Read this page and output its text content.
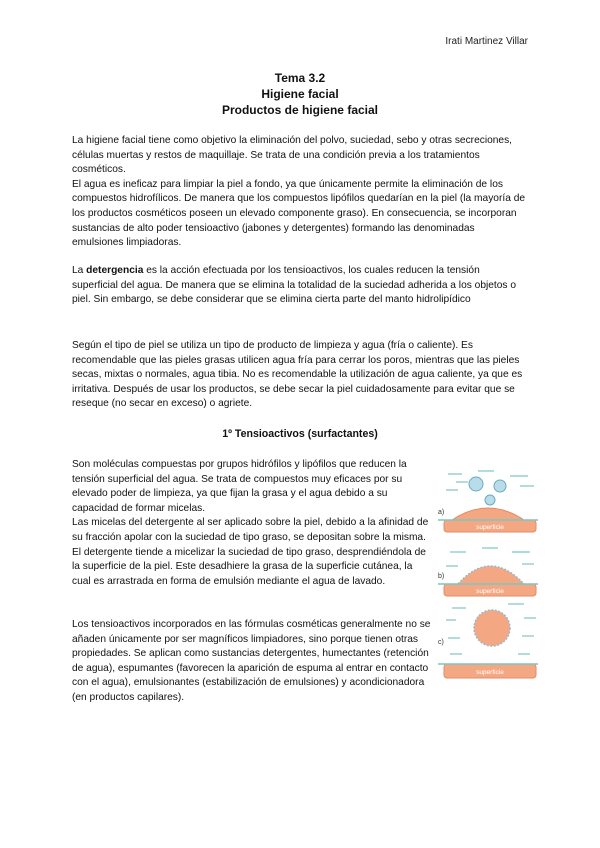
Irati Martinez Villar
Tema 3.2
Higiene facial
Productos de higiene facial

La higiene facial tiene como objetivo la eliminación del polvo, suciedad, sebo y otras secreciones, células muertas y restos de maquillaje. Se trata de una condición previa a los tratamientos cosméticos.

El agua es ineficaz para limpiar la piel a fondo, ya que únicamente permite la eliminación de los compuestos hidrofílicos. De manera que los compuestos lipófilos quedarían en la piel (la mayoría de los productos cosméticos poseen un elevado componente graso). En consecuencia, se incorporan sustancias de alto poder tensioactivo (jabones y detergentes) formando las denominadas emulsiones limpiadoras.

La detergencia es la acción efectuada por los tensioactivos, los cuales reducen la tensión superficial del agua. De manera que se elimina la totalidad de la suciedad adherida a los objetos o piel. Sin embargo, se debe considerar que se elimina cierta parte del manto hidrolipídico

Según el tipo de piel se utiliza un tipo de producto de limpieza y agua (fría o caliente). Es recomendable que las pieles grasas utilicen agua fría para cerrar los poros, mientras que las pieles secas, mixtas o normales, agua tibia. No es recomendable la utilización de agua caliente, ya que es irritativa. Después de usar los productos, se debe secar la piel cuidadosamente para evitar que se reseque (no secar en exceso) o agriete.

1º Tensioactivos (surfactantes)

Son moléculas compuestas por grupos hidrófilos y lipófilos que reducen la tensión superficial del agua. Se trata de compuestos muy eficaces por su elevado poder de limpieza, ya que fijan la grasa y el agua debido a su capacidad de formar micelas.

Las micelas del detergente al ser aplicado sobre la piel, debido a la afinidad de su fracción apolar con la suciedad de tipo graso, se depositan sobre la misma. El detergente tiende a micelizar la suciedad de tipo graso, desprendiéndola de la superficie de la piel. Este desadhiere la grasa de la superficie cutánea, la cual es arrastrada en forma de emulsión mediante el agua de lavado.

Los tensioactivos incorporados en las fórmulas cosméticas generalmente no se añaden únicamente por ser magníficos limpiadores, sino porque tienen otras propiedades. Se aplican como sustancias detergentes, humectantes (retención de agua), espumantes (favorecen la aparición de espuma al entrar en contacto con el agua), emulsionantes (estabilización de emulsiones) y acondicionadora (en productos capilares).

a)
superficie
b)
superficie
c)
superficie
